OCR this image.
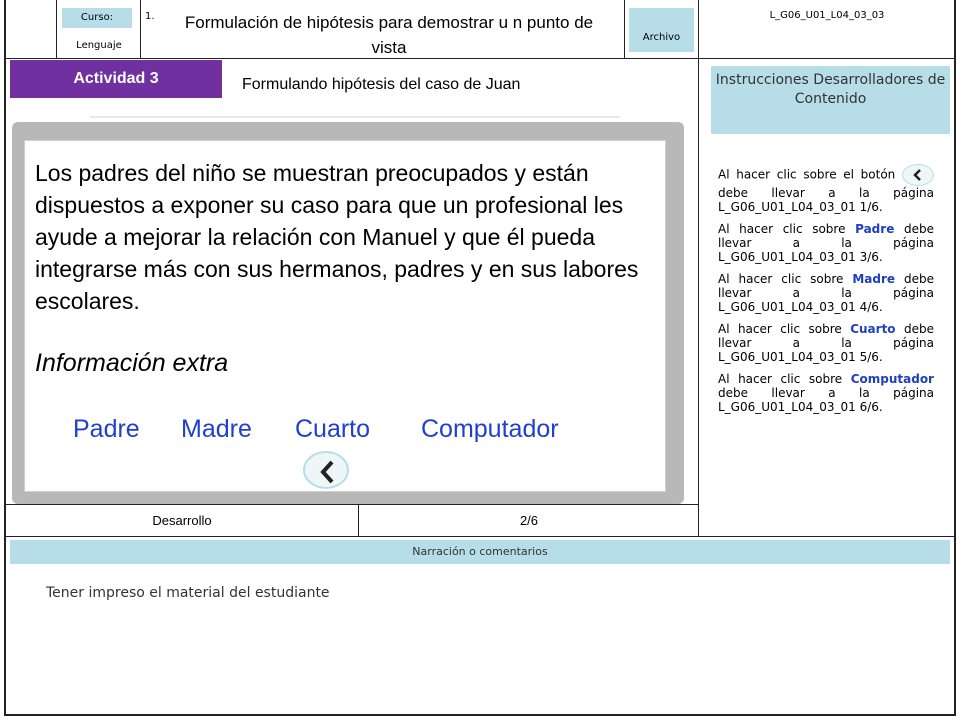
Curso:
Lenguaje
1. Formulación de hipótesis para demostrar u n punto de vista
Archivo
L_G06_U01_L04_03_03
Actividad 3	Formulando hipótesis del caso de Juan
Los padres del niño se muestran preocupados y están dispuestos a exponer su caso para que un profesional les ayude a mejorar la relación con Manuel y que él pueda integrarse más con sus hermanos, padres y en sus labores escolares.
Información extra
Padre Madre Cuarto Computador
Desarrollo	2/6
Instrucciones Desarrolladores de Contenido

Al hacer clic sobre el botón  debe llevar a la página L_G06_U01_L04_03_01 1/6.

Al hacer clic sobre Padre debe llevar a la página L_G06_U01_L04_03_01 3/6.

Al hacer clic sobre Madre debe llevar a la página L_G06_U01_L04_03_01 4/6.

Al hacer clic sobre Cuarto debe llevar a la página L_G06_U01_L04_03_01 5/6.

Al hacer clic sobre Computador debe llevar a la página L_G06_U01_L04_03_01 6/6.

Narración o comentarios
Tener impreso el material del estudiante
